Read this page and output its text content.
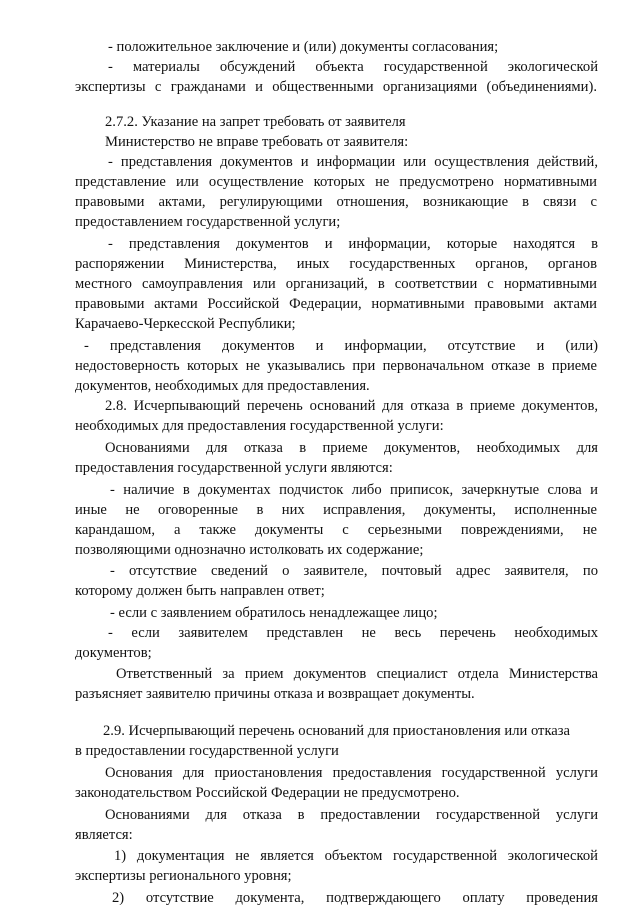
- положительное заключение и (или) документы согласования;
- материалы обсуждений объекта государственной экологической
экспертизы с гражданами и общественными организациями (объединениями).
2.7.2. Указание на запрет требовать от заявителя
Министерство не вправе требовать от заявителя:
- представления документов и информации или осуществления действий,
представление или осуществление которых не предусмотрено нормативными
правовыми актами, регулирующими отношения, возникающие в связи с
предоставлением государственной услуги;
- представления документов и информации, которые находятся в
распоряжении Министерства, иных государственных органов, органов
местного самоуправления или организаций, в соответствии с нормативными
правовыми актами Российской Федерации, нормативными правовыми актами
Карачаево-Черкесской Республики;
- представления документов и информации, отсутствие и (или)
недостоверность которых не указывались при первоначальном отказе в приеме
документов, необходимых для предоставления.
2.8. Исчерпывающий перечень оснований для отказа в приеме документов,
необходимых для предоставления государственной услуги:
Основаниями для отказа в приеме документов, необходимых для
предоставления государственной услуги являются:
- наличие в документах подчисток либо приписок, зачеркнутые слова и
иные не оговоренные в них исправления, документы, исполненные
карандашом, а также документы с серьезными повреждениями, не
позволяющими однозначно истолковать их содержание;
- отсутствие сведений о заявителе, почтовый адрес заявителя, по
которому должен быть направлен ответ;
- если с заявлением обратилось ненадлежащее лицо;
- если заявителем представлен не весь перечень необходимых
документов;
Ответственный за прием документов специалист отдела Министерства
разъясняет заявителю причины отказа и возвращает документы.
2.9. Исчерпывающий перечень оснований для приостановления или отказа
в предоставлении государственной услуги
Основания для приостановления предоставления государственной услуги
законодательством Российской Федерации не предусмотрено.
Основаниями для отказа в предоставлении государственной услуги
является:
1) документация не является объектом государственной экологической
экспертизы регионального уровня;
2) отсутствие документа, подтверждающего оплату проведения
